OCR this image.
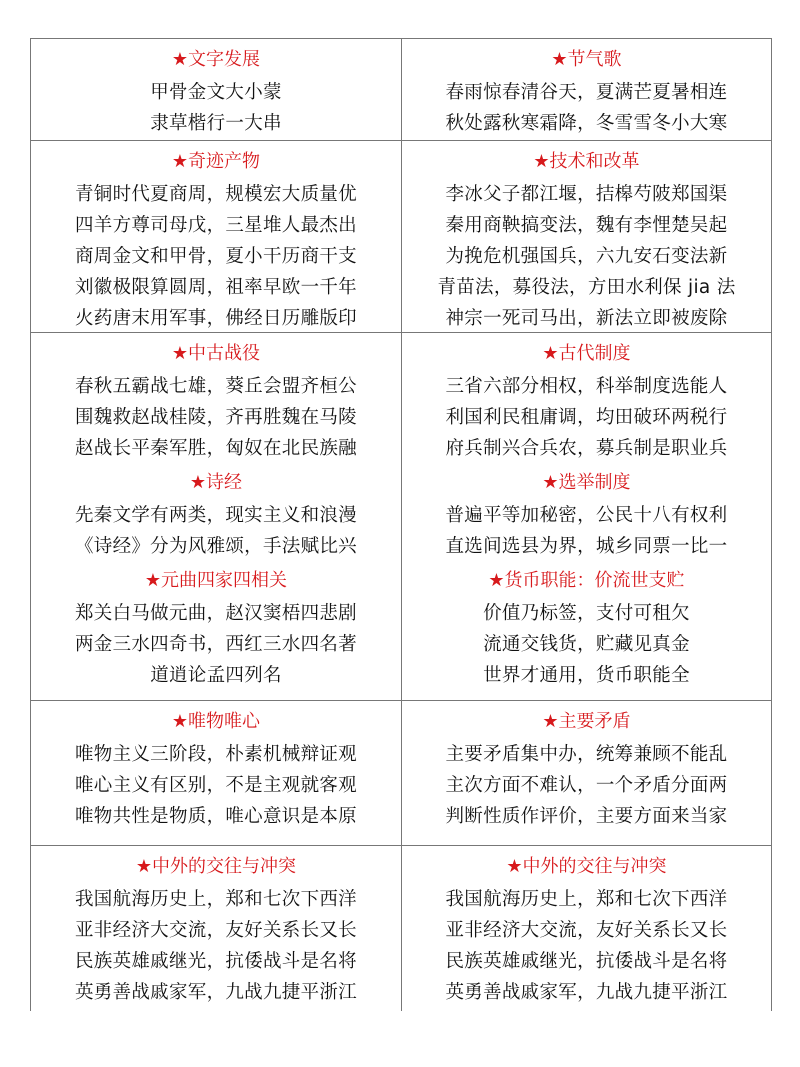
★文字发展
甲骨金文大小蒙
隶草楷行一大串
★节气歌
春雨惊春清谷天，夏满芒夏暑相连
秋处露秋寒霜降，冬雪雪冬小大寒
★奇迹产物
青铜时代夏商周，规模宏大质量优
四羊方尊司母戊，三星堆人最杰出
商周金文和甲骨，夏小干历商干支
刘徽极限算圆周，祖率早欧一千年
火药唐末用军事，佛经日历雕版印
★技术和改革
李冰父子都江堰，拮槔芍陂郑国渠
秦用商鞅搞变法，魏有李悝楚吴起
为挽危机强国兵，六九安石变法新
青苗法，募役法，方田水利保 jia 法
神宗一死司马出，新法立即被废除
★中古战役
春秋五霸战七雄，葵丘会盟齐桓公
围魏救赵战桂陵，齐再胜魏在马陵
赵战长平秦军胜，匈奴在北民族融
★诗经
先秦文学有两类，现实主义和浪漫
《诗经》分为风雅颂，手法赋比兴
★元曲四家四相关
郑关白马做元曲，赵汉窦梧四悲剧
两金三水四奇书，西红三水四名著
道逍论孟四列名
★古代制度
三省六部分相权，科举制度选能人
利国利民租庸调，均田破环两税行
府兵制兴合兵农，募兵制是职业兵
★选举制度
普遍平等加秘密，公民十八有权利
直选间选县为界，城乡同票一比一
★货币职能：价流世支贮
价值乃标签，支付可租欠
流通交钱货，贮藏见真金
世界才通用，货币职能全
★唯物唯心
唯物主义三阶段，朴素机械辩证观
唯心主义有区别，不是主观就客观
唯物共性是物质，唯心意识是本原
★主要矛盾
主要矛盾集中办，统筹兼顾不能乱
主次方面不难认，一个矛盾分面两
判断性质作评价，主要方面来当家
★中外的交往与冲突
我国航海历史上，郑和七次下西洋
亚非经济大交流，友好关系长又长
民族英雄戚继光，抗倭战斗是名将
英勇善战戚家军，九战九捷平浙江
★中外的交往与冲突
我国航海历史上，郑和七次下西洋
亚非经济大交流，友好关系长又长
民族英雄戚继光，抗倭战斗是名将
英勇善战戚家军，九战九捷平浙江
